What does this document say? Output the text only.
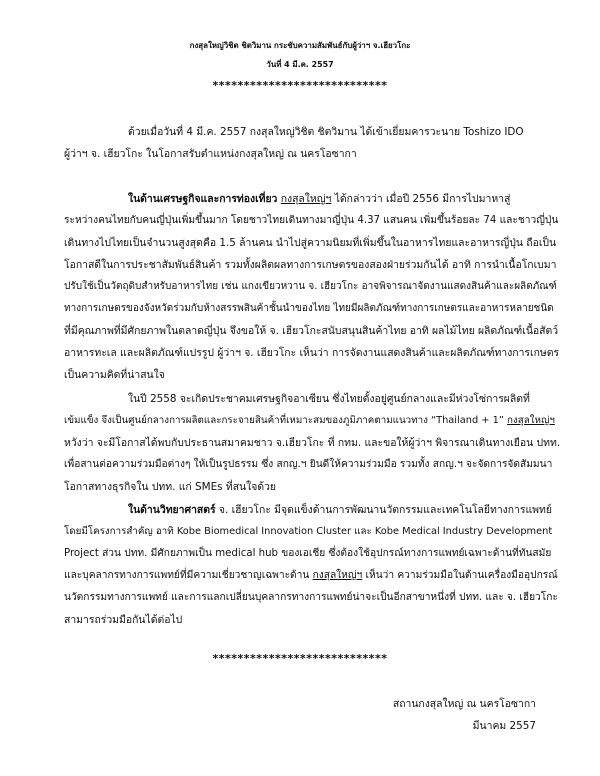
กงสุลใหญ่วิชิต ชิตวิมาน กระชับความสัมพันธ์กับผู้ว่าฯ จ.เฮียวโกะ
วันที่ 4 มี.ค. 2557
****************************
ด้วยเมื่อวันที่ 4 มี.ค. 2557 กงสุลใหญ่วิชิต ชิตวิมาน ได้เข้าเยี่ยมคารวะนาย Toshizo IDO
ผู้ว่าฯ จ. เฮียวโกะ ในโอกาสรับตำแหน่งกงสุลใหญ่ ณ นครโอซากา
ในด้านเศรษฐกิจและการท่องเที่ยว กงสุลใหญ่ฯ ได้กล่าวว่า เมื่อปี 2556 มีการไปมาหาสู่
ระหว่างคนไทยกับคนญี่ปุ่นเพิ่มขึ้นมาก โดยชาวไทยเดินทางมาญี่ปุ่น 4.37 แสนคน เพิ่มขึ้นร้อยละ 74 และชาวญี่ปุ่น
เดินทางไปไทยเป็นจำนวนสูงสุดคือ 1.5 ล้านคน นำไปสู่ความนิยมที่เพิ่มขึ้นในอาหารไทยและอาหารญี่ปุ่น ถือเป็น
โอกาสดีในการประชาสัมพันธ์สินค้า รวมทั้งผลิตผลทางการเกษตรของสองฝ่ายร่วมกันได้ อาทิ การนำเนื้อโกเบมา
ปรับใช้เป็นวัตถุดิบสำหรับอาหารไทย เช่น แกงเขียวหวาน จ. เฮียวโกะ อาจพิจารณาจัดงานแสดงสินค้าและผลิตภัณฑ์
ทางการเกษตรของจังหวัดร่วมกับห้างสรรพสินค้าชั้นนำของไทย ไทยมีผลิตภัณฑ์ทางการเกษตรและอาหารหลายชนิด
ที่มีคุณภาพที่มีศักยภาพในตลาดญี่ปุ่น จึงขอให้ จ. เฮียวโกะสนับสนุนสินค้าไทย อาทิ ผลไม้ไทย ผลิตภัณฑ์เนื้อสัตว์
อาหารทะเล และผลิตภัณฑ์แปรรูป ผู้ว่าฯ จ. เฮียวโกะ เห็นว่า การจัดงานแสดงสินค้าและผลิตภัณฑ์ทางการเกษตร
เป็นความคิดที่น่าสนใจ
ในปี 2558 จะเกิดประชาคมเศรษฐกิจอาเซียน ซึ่งไทยตั้งอยู่ศูนย์กลางและมีห่วงโซ่การผลิตที่
เข้มแข็ง จึงเป็นศูนย์กลางการผลิตและกระจายสินค้าที่เหมาะสมของภูมิภาคตามแนวทาง “Thailand + 1” กงสุลใหญ่ฯ
หวังว่า จะมีโอกาสได้พบกับประธานสมาคมชาว จ.เฮียวโกะ ที่ กทม. และขอให้ผู้ว่าฯ พิจารณาเดินทางเยือน ปทท.
เพื่อสานต่อความร่วมมือต่างๆ ให้เป็นรูปธรรม ซึ่ง สกญ.ฯ ยินดีให้ความร่วมมือ รวมทั้ง สกญ.ฯ จะจัดการจัดสัมมนา
โอกาสทางธุรกิจใน ปทท. แก่ SMEs ที่สนใจด้วย
ในด้านวิทยาศาสตร์ จ. เฮียวโกะ มีจุดแข็งด้านการพัฒนานวัตกรรมและเทคโนโลยีทางการแพทย์
โดยมีโครงการสำคัญ อาทิ Kobe Biomedical Innovation Cluster และ Kobe Medical Industry Development
Project ส่วน ปทท. มีศักยภาพเป็น medical hub ของเอเชีย ซึ่งต้องใช้อุปกรณ์ทางการแพทย์เฉพาะด้านที่ทันสมัย
และบุคลากรทางการแพทย์ที่มีความเชี่ยวชาญเฉพาะด้าน กงสุลใหญ่ฯ เห็นว่า ความร่วมมือในด้านเครื่องมืออุปกรณ์
นวัตกรรมทางการแพทย์ และการแลกเปลี่ยนบุคลากรทางการแพทย์น่าจะเป็นอีกสาขาหนึ่งที่ ปทท. และ จ. เฮียวโกะ
สามารถร่วมมือกันได้ต่อไป
****************************
สถานกงสุลใหญ่ ณ นครโอซากา
มีนาคม 2557
